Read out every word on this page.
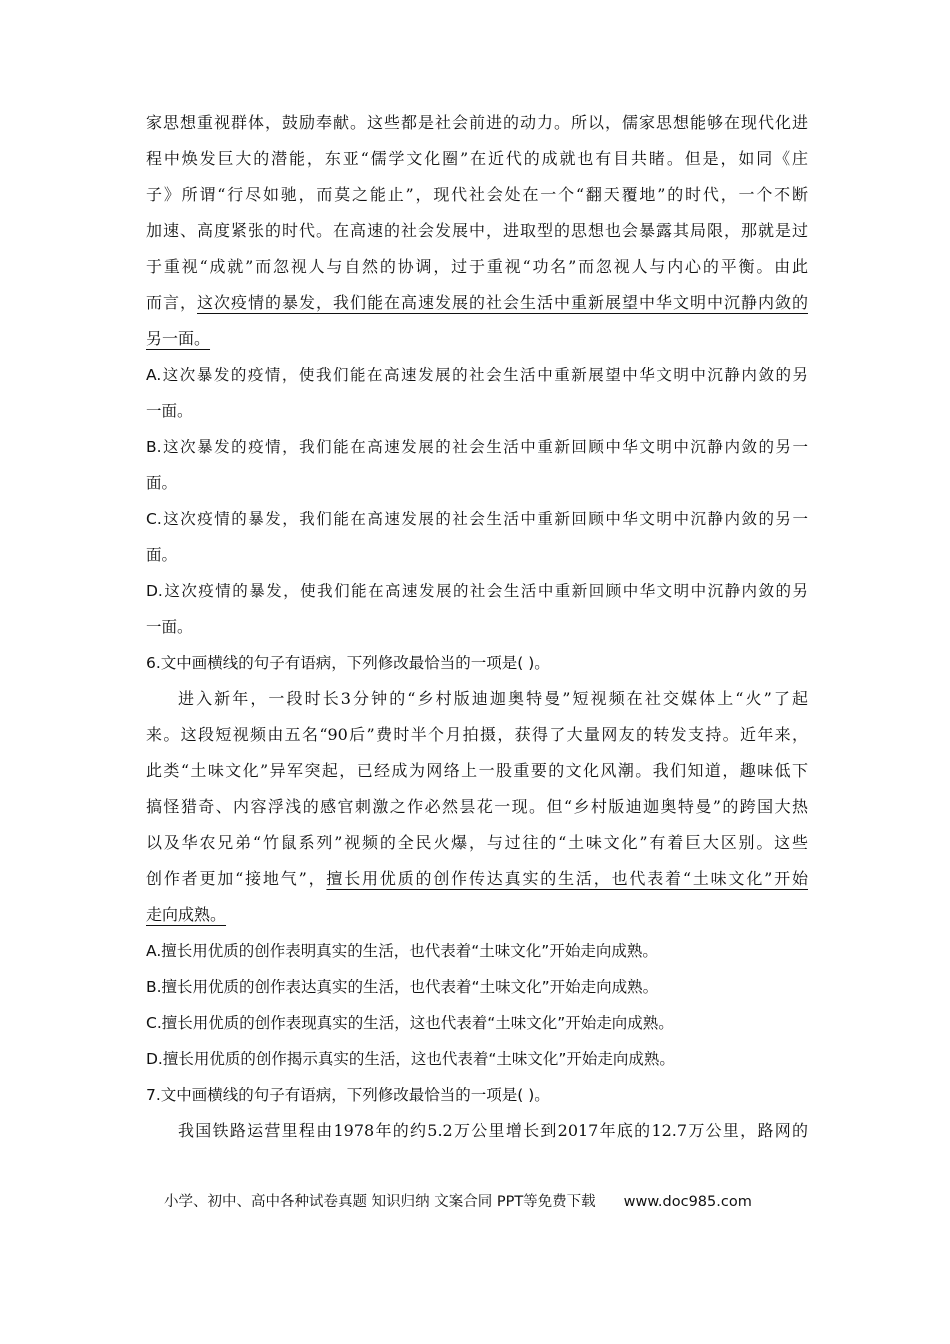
家思想重视群体，鼓励奉献。这些都是社会前进的动力。所以，儒家思想能够在现代化进
程中焕发巨大的潜能，东亚“儒学文化圈”在近代的成就也有目共睹。但是，如同《庄
子》所谓“行尽如驰，而莫之能止”，现代社会处在一个“翻天覆地”的时代，一个不断
加速、高度紧张的时代。在高速的社会发展中，进取型的思想也会暴露其局限，那就是过
于重视“成就”而忽视人与自然的协调，过于重视“功名”而忽视人与内心的平衡。由此
而言，这次疫情的暴发，我们能在高速发展的社会生活中重新展望中华文明中沉静内敛的
另一面。
A.这次暴发的疫情，使我们能在高速发展的社会生活中重新展望中华文明中沉静内敛的另
一面。
B.这次暴发的疫情，我们能在高速发展的社会生活中重新回顾中华文明中沉静内敛的另一
面。
C.这次疫情的暴发，我们能在高速发展的社会生活中重新回顾中华文明中沉静内敛的另一
面。
D.这次疫情的暴发，使我们能在高速发展的社会生活中重新回顾中华文明中沉静内敛的另
一面。
6.文中画横线的句子有语病，下列修改最恰当的一项是( )。
进入新年，一段时长3分钟的“乡村版迪迦奥特曼”短视频在社交媒体上“火”了起
来。这段短视频由五名“90后”费时半个月拍摄，获得了大量网友的转发支持。近年来，
此类“土味文化”异军突起，已经成为网络上一股重要的文化风潮。我们知道，趣味低下
搞怪猎奇、内容浮浅的感官刺激之作必然昙花一现。但“乡村版迪迦奥特曼”的跨国大热
以及华农兄弟“竹鼠系列”视频的全民火爆，与过往的“土味文化”有着巨大区别。这些
创作者更加“接地气”，擅长用优质的创作传达真实的生活，也代表着“土味文化”开始
走向成熟。
A.擅长用优质的创作表明真实的生活，也代表着“土味文化”开始走向成熟。
B.擅长用优质的创作表达真实的生活，也代表着“土味文化”开始走向成熟。
C.擅长用优质的创作表现真实的生活，这也代表着“土味文化”开始走向成熟。
D.擅长用优质的创作揭示真实的生活，这也代表着“土味文化”开始走向成熟。
7.文中画横线的句子有语病，下列修改最恰当的一项是( )。
我国铁路运营里程由1978年的约5.2万公里增长到2017年底的12.7万公里，路网的
小学、初中、高中各种试卷真题 知识归纳 文案合同 PPT等免费下载 www.doc985.com
